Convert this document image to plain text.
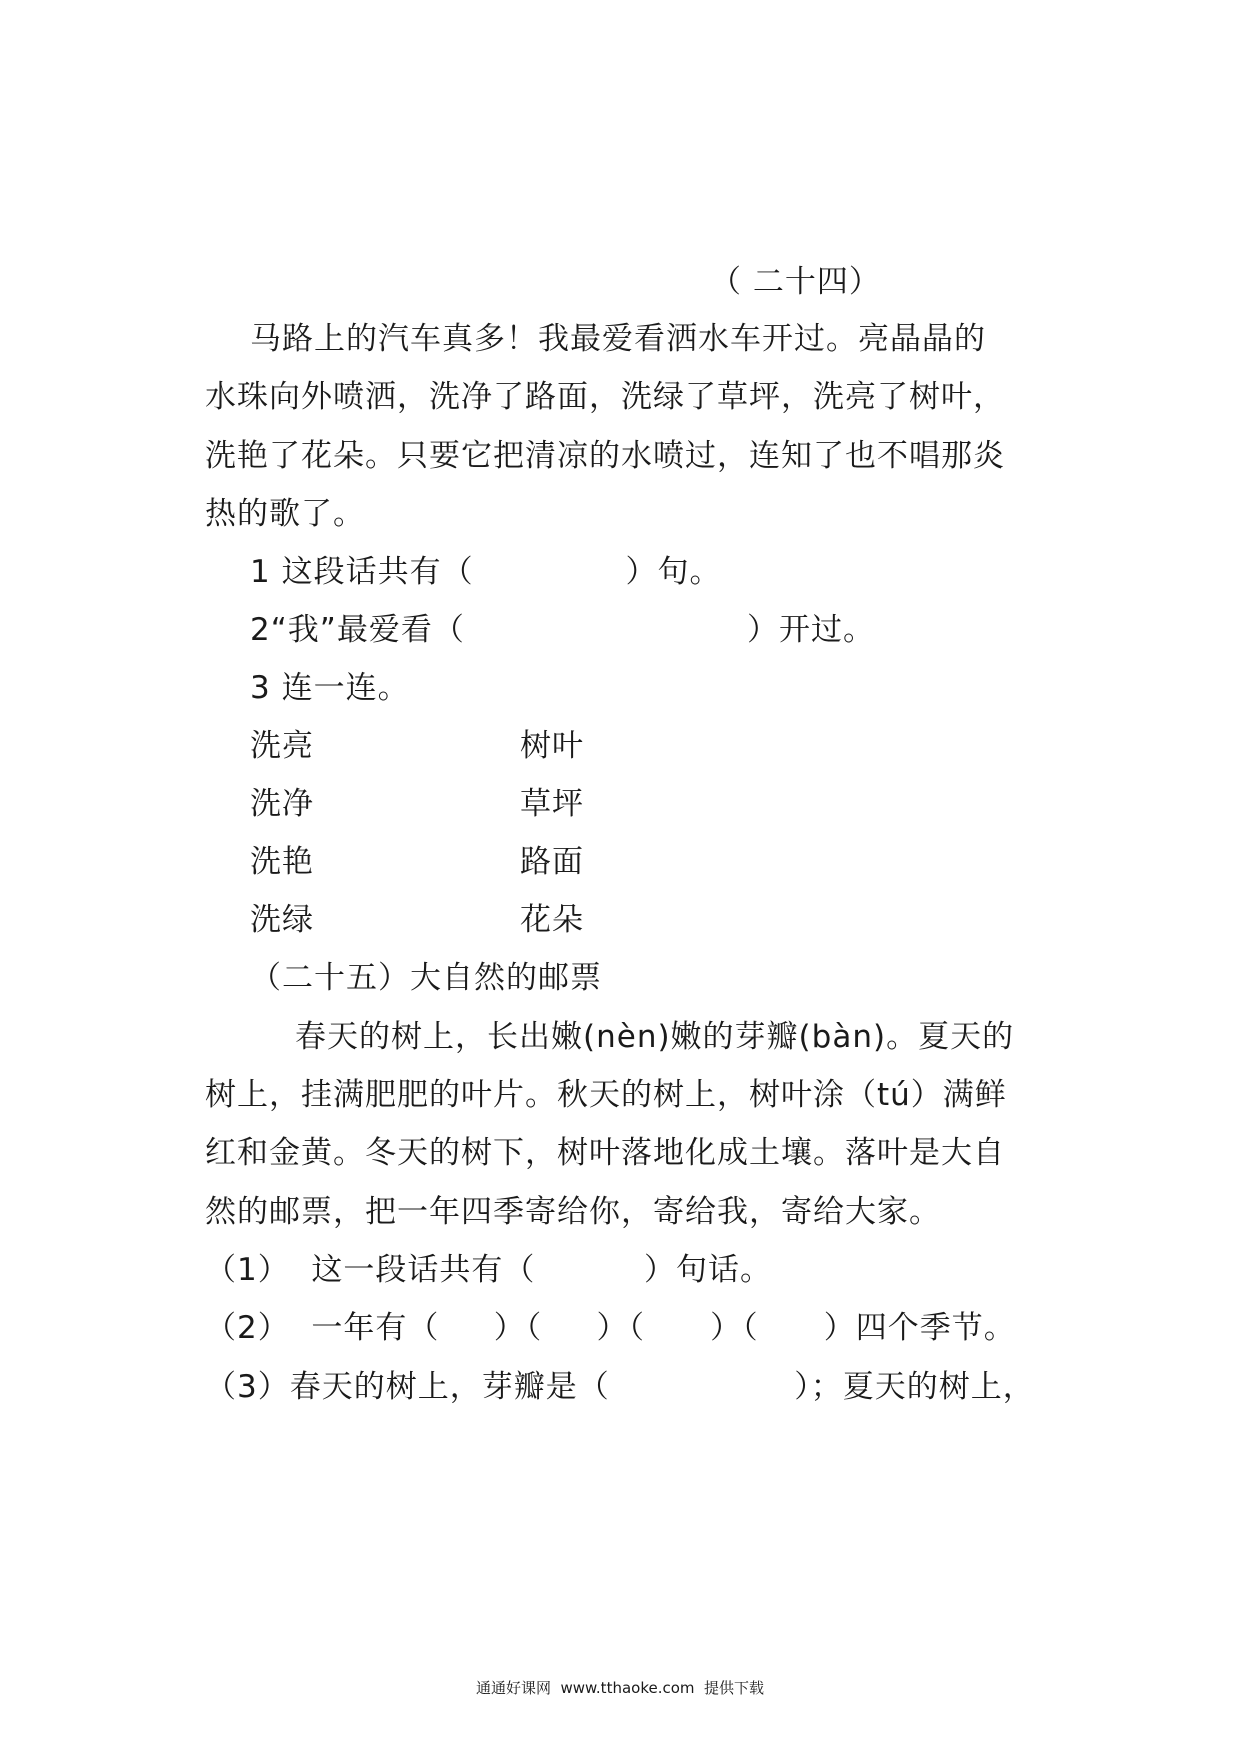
（ 二十四）
马路上的汽车真多！我最爱看洒水车开过。亮晶晶的
水珠向外喷洒，洗净了路面，洗绿了草坪，洗亮了树叶，
洗艳了花朵。只要它把清凉的水喷过，连知了也不唱那炎
热的歌了。
1 这段话共有（              ）句。
2“我”最爱看（                          ）开过。
3 连一连。
洗亮	树叶
洗净	草坪
洗艳	路面
洗绿	花朵
（二十五）大自然的邮票
春天的树上，长出嫩(nèn)嫩的芽瓣(bàn)。夏天的
树上，挂满肥肥的叶片。秋天的树上，树叶涂（tú）满鲜
红和金黄。冬天的树下，树叶落地化成土壤。落叶是大自
然的邮票，把一年四季寄给你，寄给我，寄给大家。
（1）  这一段话共有（          ）句话。
（2）  一年有（     ）（     ）（      ）（      ）四个季节。
（3）春天的树上，芽瓣是（                 ）；夏天的树上，
通通好课网  www.tthaoke.com  提供下载
